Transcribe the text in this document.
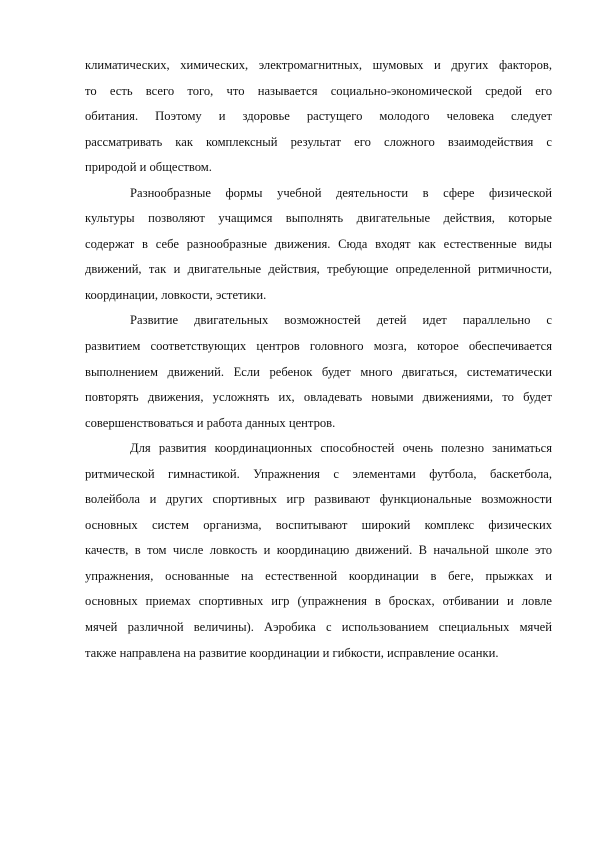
климатических, химических, электромагнитных, шумовых и других факторов,
то есть всего того, что называется социально-экономической средой его
обитания. Поэтому и здоровье растущего молодого человека следует
рассматривать как комплексный результат его сложного взаимодействия с
природой и обществом.

Разнообразные формы учебной деятельности в сфере физической
культуры позволяют учащимся выполнять двигательные действия, которые
содержат в себе разнообразные движения. Сюда входят как естественные виды
движений, так и двигательные действия, требующие определенной ритмичности,
координации, ловкости, эстетики.

Развитие двигательных возможностей детей идет параллельно с
развитием соответствующих центров головного мозга, которое обеспечивается
выполнением движений. Если ребенок будет много двигаться, систематически
повторять движения, усложнять их, овладевать новыми движениями, то будет
совершенствоваться и работа данных центров.

Для развития координационных способностей очень полезно заниматься
ритмической гимнастикой. Упражнения с элементами футбола, баскетбола,
волейбола и других спортивных игр развивают функциональные возможности
основных систем организма, воспитывают широкий комплекс физических
качеств, в том числе ловкость и координацию движений. В начальной школе это
упражнения, основанные на естественной координации в беге, прыжках и
основных приемах спортивных игр (упражнения в бросках, отбивании и ловле
мячей различной величины). Аэробика с использованием специальных мячей
также направлена на развитие координации и гибкости, исправление осанки.
